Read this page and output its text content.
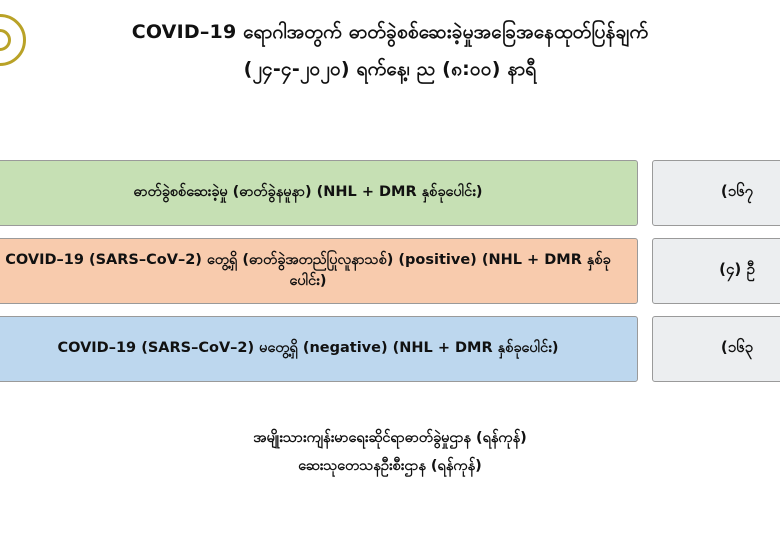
COVID–19 ရောဂါအတွက် ဓာတ်ခွဲစစ်ဆေးခဲ့မှုအခြေအနေထုတ်ပြန်ချက်
(၂၄-၄-၂၀၂၀) ရက်နေ့၊ ည (၈:၀၀) နာရီ
ဓာတ်ခွဲစစ်ဆေးခဲ့မှု (ဓာတ်ခွဲနမူနာ) (NHL + DMR နှစ်ခုပေါင်း)	(၁၆၇
COVID–19 (SARS–CoV–2) တွေ့ရှိ (ဓာတ်ခွဲအတည်ပြုလူနာသစ်) (positive) (NHL + DMR နှစ်ခုပေါင်း)
(၄) ဦ
COVID–19 (SARS–CoV–2) မတွေ့ရှိ (negative) (NHL + DMR နှစ်ခုပေါင်း)	(၁၆၃
အမျိုးသားကျန်းမာရေးဆိုင်ရာဓာတ်ခွဲမှုဌာန (ရန်ကုန်)
ဆေးသုတေသနဦးစီးဌာန (ရန်ကုန်)
